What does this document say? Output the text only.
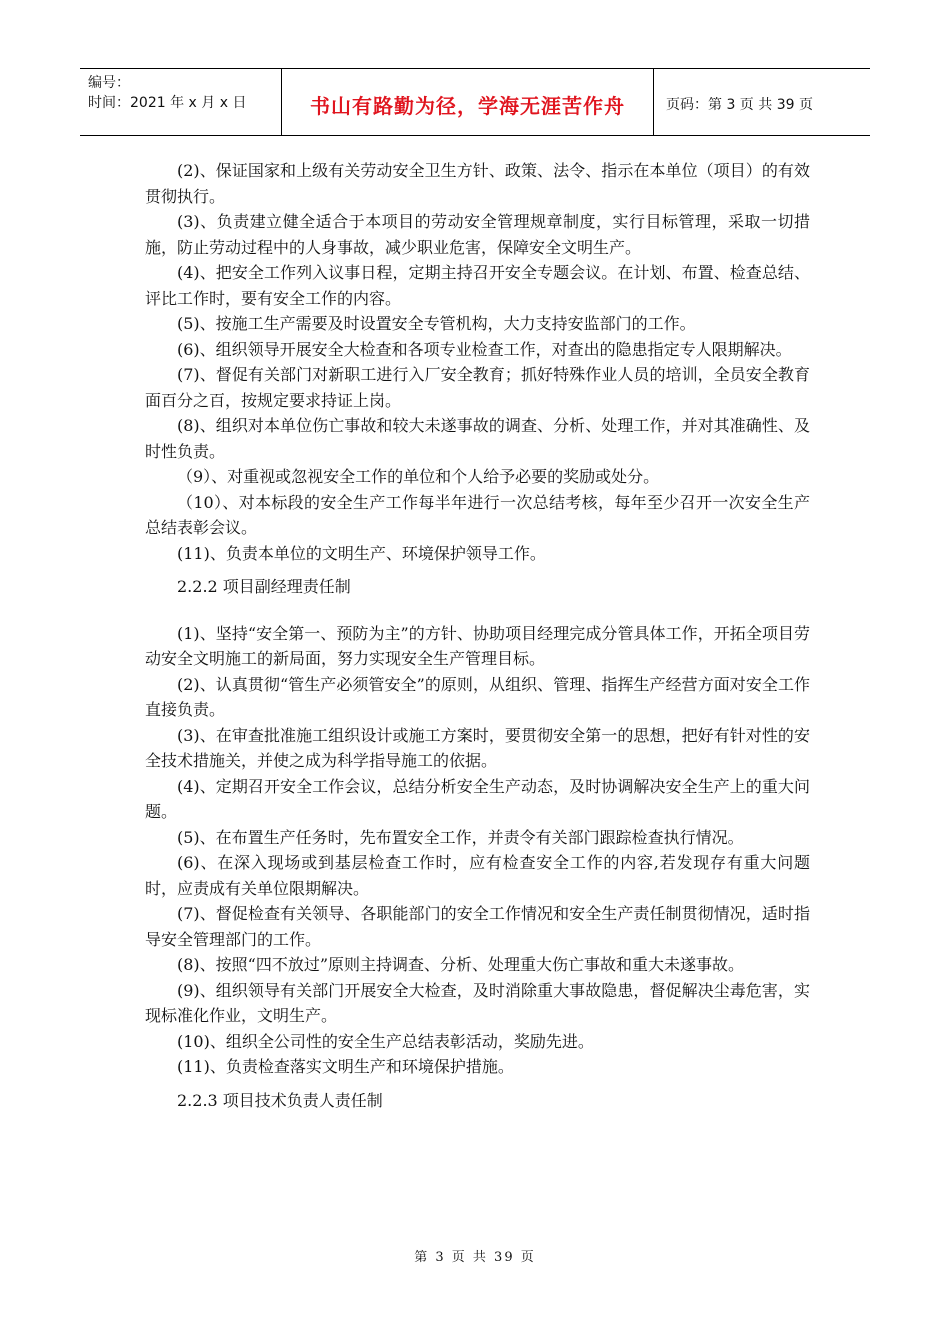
编号：
时间：2021 年 x 月 x 日	书山有路勤为径，学海无涯苦作舟	页码：第 3 页 共 39 页

(2)、保证国家和上级有关劳动安全卫生方针、政策、法令、指示在本单位（项目）的有效贯彻执行。

(3)、负责建立健全适合于本项目的劳动安全管理规章制度，实行目标管理，采取一切措施，防止劳动过程中的人身事故，减少职业危害，保障安全文明生产。

(4)、把安全工作列入议事日程，定期主持召开安全专题会议。在计划、布置、检查总结、评比工作时，要有安全工作的内容。

(5)、按施工生产需要及时设置安全专管机构，大力支持安监部门的工作。

(6)、组织领导开展安全大检查和各项专业检查工作，对查出的隐患指定专人限期解决。

(7)、督促有关部门对新职工进行入厂安全教育；抓好特殊作业人员的培训，全员安全教育面百分之百，按规定要求持证上岗。

(8)、组织对本单位伤亡事故和较大未遂事故的调查、分析、处理工作，并对其准确性、及时性负责。

（9）、对重视或忽视安全工作的单位和个人给予必要的奖励或处分。

（10）、对本标段的安全生产工作每半年进行一次总结考核，每年至少召开一次安全生产总结表彰会议。

(11)、负责本单位的文明生产、环境保护领导工作。

2.2.2 项目副经理责任制

(1)、坚持“安全第一、预防为主”的方针、协助项目经理完成分管具体工作，开拓全项目劳动安全文明施工的新局面，努力实现安全生产管理目标。

(2)、认真贯彻“管生产必须管安全”的原则，从组织、管理、指挥生产经营方面对安全工作直接负责。

(3)、在审查批准施工组织设计或施工方案时，要贯彻安全第一的思想，把好有针对性的安全技术措施关，并使之成为科学指导施工的依据。

(4)、定期召开安全工作会议，总结分析安全生产动态，及时协调解决安全生产上的重大问题。

(5)、在布置生产任务时，先布置安全工作，并责令有关部门跟踪检查执行情况。

(6)、在深入现场或到基层检查工作时，应有检查安全工作的内容,若发现存有重大问题时，应责成有关单位限期解决。

(7)、督促检查有关领导、各职能部门的安全工作情况和安全生产责任制贯彻情况，适时指导安全管理部门的工作。

(8)、按照“四不放过”原则主持调查、分析、处理重大伤亡事故和重大未遂事故。

(9)、组织领导有关部门开展安全大检查，及时消除重大事故隐患，督促解决尘毒危害，实现标准化作业，文明生产。

(10)、组织全公司性的安全生产总结表彰活动，奖励先进。

(11)、负责检查落实文明生产和环境保护措施。

2.2.3 项目技术负责人责任制

第 3 页 共 39 页
